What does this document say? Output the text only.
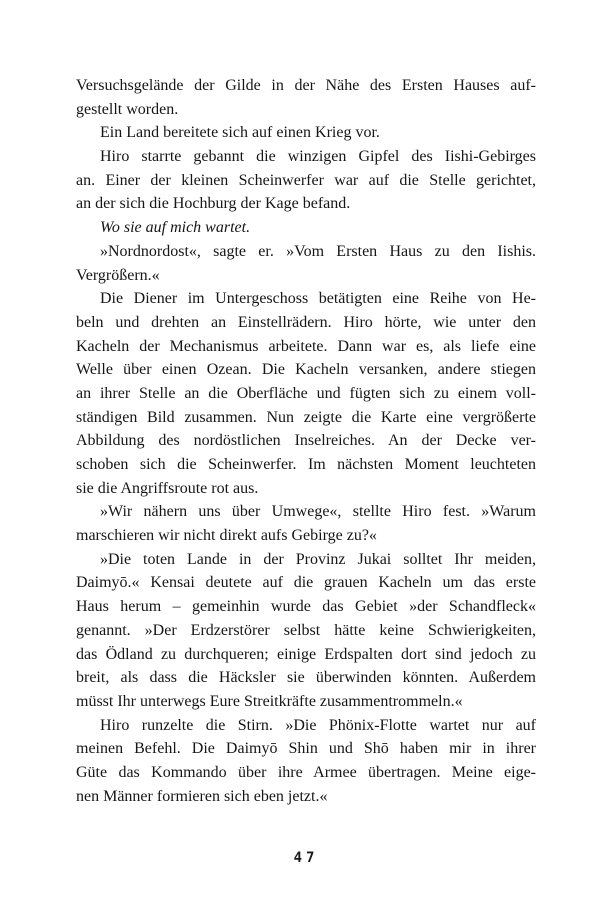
Versuchsgelände der Gilde in der Nähe des Ersten Hauses auf-
gestellt worden.
Ein Land bereitete sich auf einen Krieg vor.
Hiro starrte gebannt die winzigen Gipfel des Iishi-Gebirges
an. Einer der kleinen Scheinwerfer war auf die Stelle gerichtet,
an der sich die Hochburg der Kage befand.
Wo sie auf mich wartet.
»Nordnordost«, sagte er. »Vom Ersten Haus zu den Iishis.
Vergrößern.«
Die Diener im Untergeschoss betätigten eine Reihe von He-
beln und drehten an Einstellrädern. Hiro hörte, wie unter den
Kacheln der Mechanismus arbeitete. Dann war es, als liefe eine
Welle über einen Ozean. Die Kacheln versanken, andere stiegen
an ihrer Stelle an die Oberfläche und fügten sich zu einem voll-
ständigen Bild zusammen. Nun zeigte die Karte eine vergrößerte
Abbildung des nordöstlichen Inselreiches. An der Decke ver-
schoben sich die Scheinwerfer. Im nächsten Moment leuchteten
sie die Angriffsroute rot aus.
»Wir nähern uns über Umwege«, stellte Hiro fest. »Warum
marschieren wir nicht direkt aufs Gebirge zu?«
»Die toten Lande in der Provinz Jukai solltet Ihr meiden,
Daimyō.« Kensai deutete auf die grauen Kacheln um das erste
Haus herum – gemeinhin wurde das Gebiet »der Schandfleck«
genannt. »Der Erdzerstörer selbst hätte keine Schwierigkeiten,
das Ödland zu durchqueren; einige Erdspalten dort sind jedoch zu
breit, als dass die Häcksler sie überwinden könnten. Außerdem
müsst Ihr unterwegs Eure Streitkräfte zusammentrommeln.«
Hiro runzelte die Stirn. »Die Phönix-Flotte wartet nur auf
meinen Befehl. Die Daimyō Shin und Shō haben mir in ihrer
Güte das Kommando über ihre Armee übertragen. Meine eige-
nen Männer formieren sich eben jetzt.«
47
